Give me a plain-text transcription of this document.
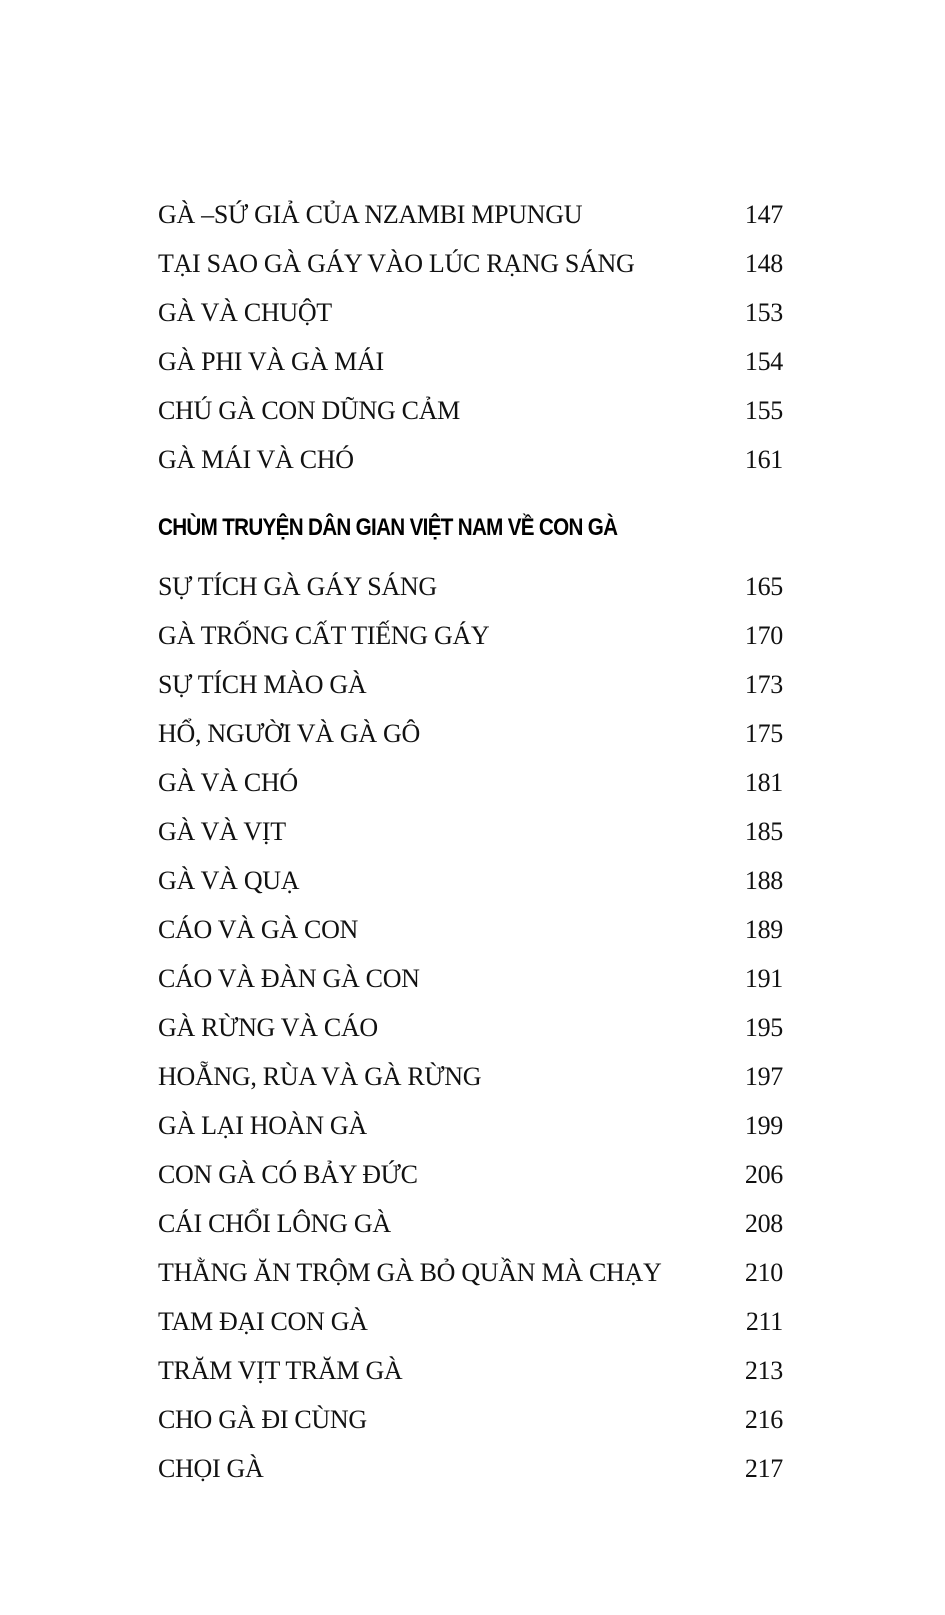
GÀ –SỨ GIẢ CỦA NZAMBI MPUNGU	147
TẠI SAO GÀ GÁY VÀO LÚC RẠNG SÁNG	148
GÀ VÀ CHUỘT	153
GÀ PHI VÀ GÀ MÁI	154
CHÚ GÀ CON DŨNG CẢM	155
GÀ MÁI VÀ CHÓ	161
CHÙM TRUYỆN DÂN GIAN VIỆT NAM VỀ CON GÀ
SỰ TÍCH GÀ GÁY SÁNG	165
GÀ TRỐNG CẤT TIẾNG GÁY	170
SỰ TÍCH MÀO GÀ	173
HỔ, NGƯỜI VÀ GÀ GÔ	175
GÀ VÀ CHÓ	181
GÀ VÀ VỊT	185
GÀ VÀ QUẠ	188
CÁO VÀ GÀ CON	189
CÁO VÀ ĐÀN GÀ CON	191
GÀ RỪNG VÀ CÁO	195
HOẴNG, RÙA VÀ GÀ RỪNG	197
GÀ LẠI HOÀN GÀ	199
CON GÀ CÓ BẢY ĐỨC	206
CÁI CHỔI LÔNG GÀ	208
THẰNG ĂN TRỘM GÀ BỎ QUẦN MÀ CHẠY	210
TAM ĐẠI CON GÀ	211
TRĂM VỊT TRĂM GÀ	213
CHO GÀ ĐI CÙNG	216
CHỌI GÀ	217
